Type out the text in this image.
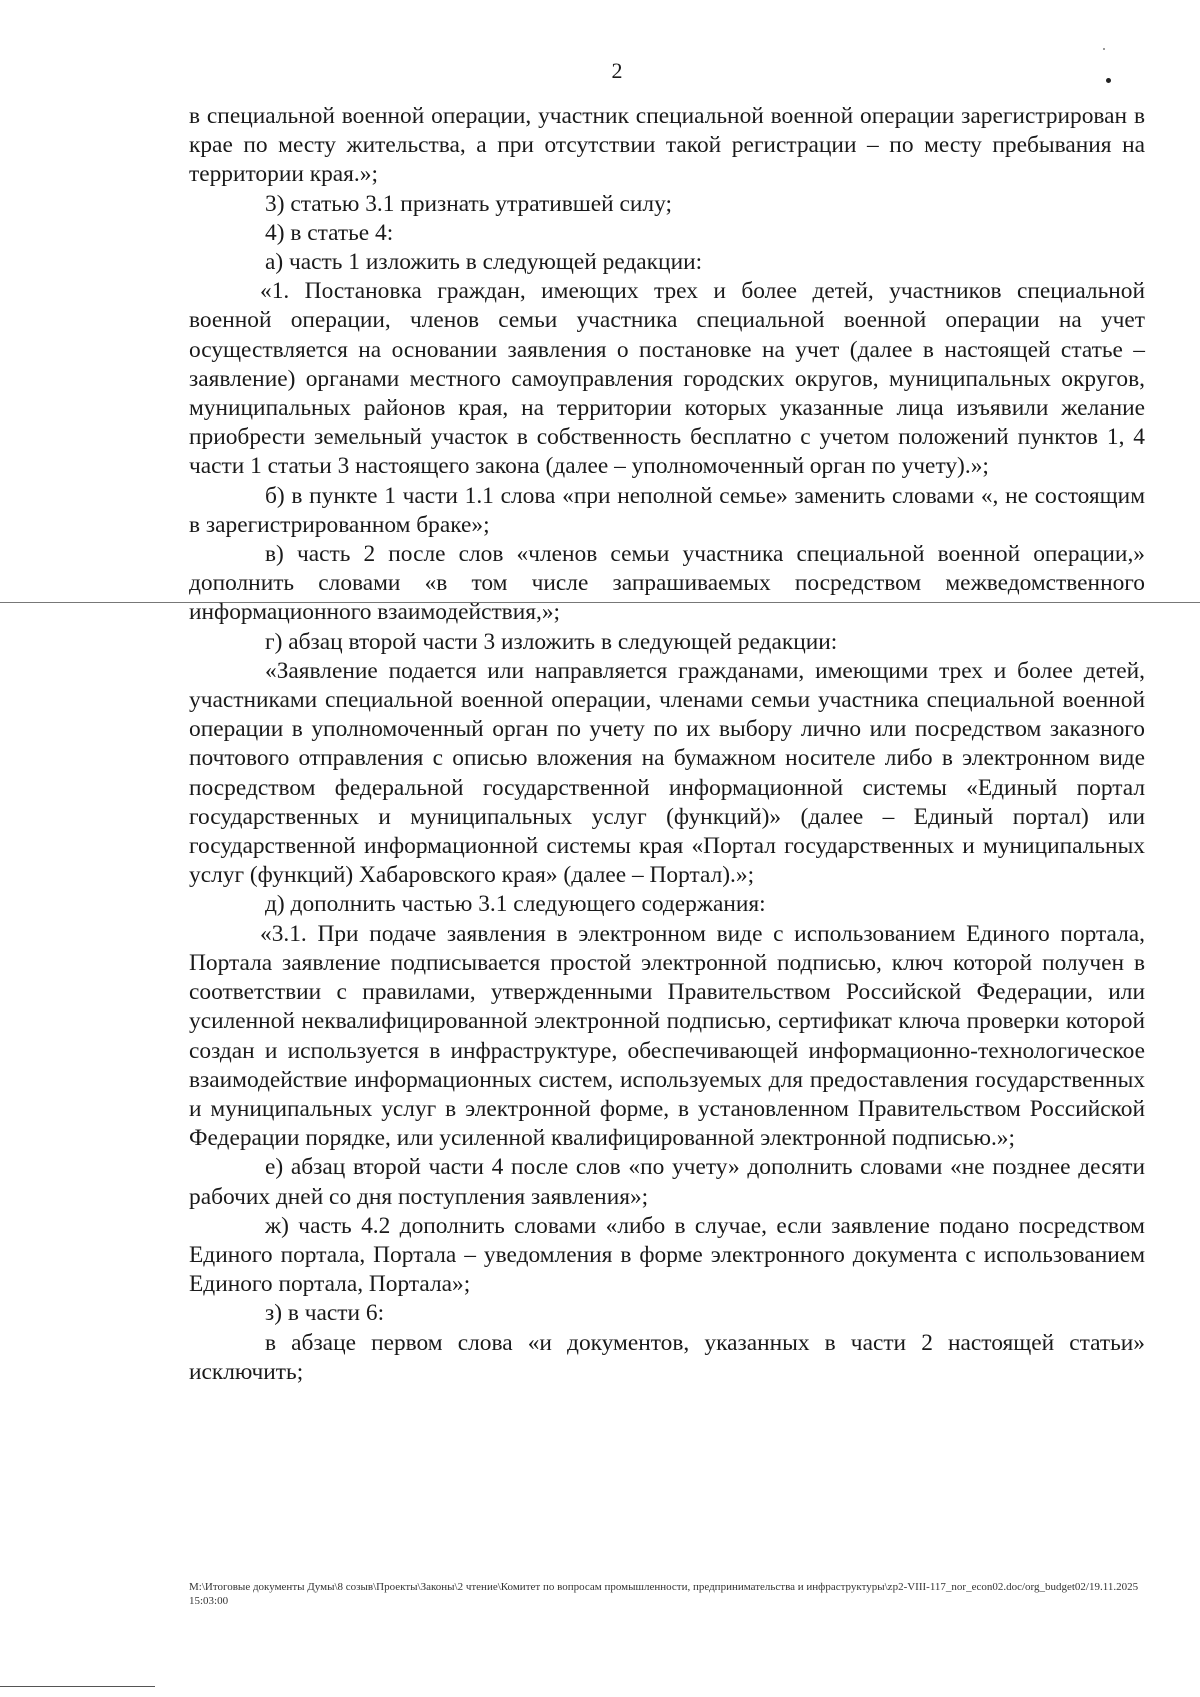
2

в специальной военной операции, участник специальной военной операции зарегистрирован в крае по месту жительства, а при отсутствии такой регистрации – по месту пребывания на территории края.»;

3) статью 3.1 признать утратившей силу;

4) в статье 4:

а) часть 1 изложить в следующей редакции:

«1. Постановка граждан, имеющих трех и более детей, участников специальной военной операции, членов семьи участника специальной военной операции на учет осуществляется на основании заявления о постановке на учет (далее в настоящей статье – заявление) органами местного самоуправления городских округов, муниципальных округов, муниципальных районов края, на территории которых указанные лица изъявили желание приобрести земельный участок в собственность бесплатно с учетом положений пунктов 1, 4 части 1 статьи 3 настоящего закона (далее – уполномоченный орган по учету).»;

б) в пункте 1 части 1.1 слова «при неполной семье» заменить словами «, не состоящим в зарегистрированном браке»;

в) часть 2 после слов «членов семьи участника специальной военной операции,» дополнить словами «в том числе запрашиваемых посредством межведомственного информационного взаимодействия,»;

г) абзац второй части 3 изложить в следующей редакции:

«Заявление подается или направляется гражданами, имеющими трех и более детей, участниками специальной военной операции, членами семьи участника специальной военной операции в уполномоченный орган по учету по их выбору лично или посредством заказного почтового отправления с описью вложения на бумажном носителе либо в электронном виде посредством федеральной государственной информационной системы «Единый портал государственных и муниципальных услуг (функций)» (далее – Единый портал) или государственной информационной системы края «Портал государственных и муниципальных услуг (функций) Хабаровского края» (далее – Портал).»;

д) дополнить частью 3.1 следующего содержания:

«3.1. При подаче заявления в электронном виде с использованием Единого портала, Портала заявление подписывается простой электронной подписью, ключ которой получен в соответствии с правилами, утвержденными Правительством Российской Федерации, или усиленной неквалифицированной электронной подписью, сертификат ключа проверки которой создан и используется в инфраструктуре, обеспечивающей информационно-технологическое взаимодействие информационных систем, используемых для предоставления государственных и муниципальных услуг в электронной форме, в установленном Правительством Российской Федерации порядке, или усиленной квалифицированной электронной подписью.»;

е) абзац второй части 4 после слов «по учету» дополнить словами «не позднее десяти рабочих дней со дня поступления заявления»;

ж) часть 4.2 дополнить словами «либо в случае, если заявление подано посредством Единого портала, Портала – уведомления в форме электронного документа с использованием Единого портала, Портала»;

з) в части 6:

в абзаце первом слова «и документов, указанных в части 2 настоящей статьи» исключить;

M:\Итоговые документы Думы\8 созыв\Проекты\Законы\2 чтение\Комитет по вопросам промышленности, предпринимательства и инфраструктуры\zp2-VIII-117_nor_econ02.doc/org_budget02/19.11.2025 15:03:00
